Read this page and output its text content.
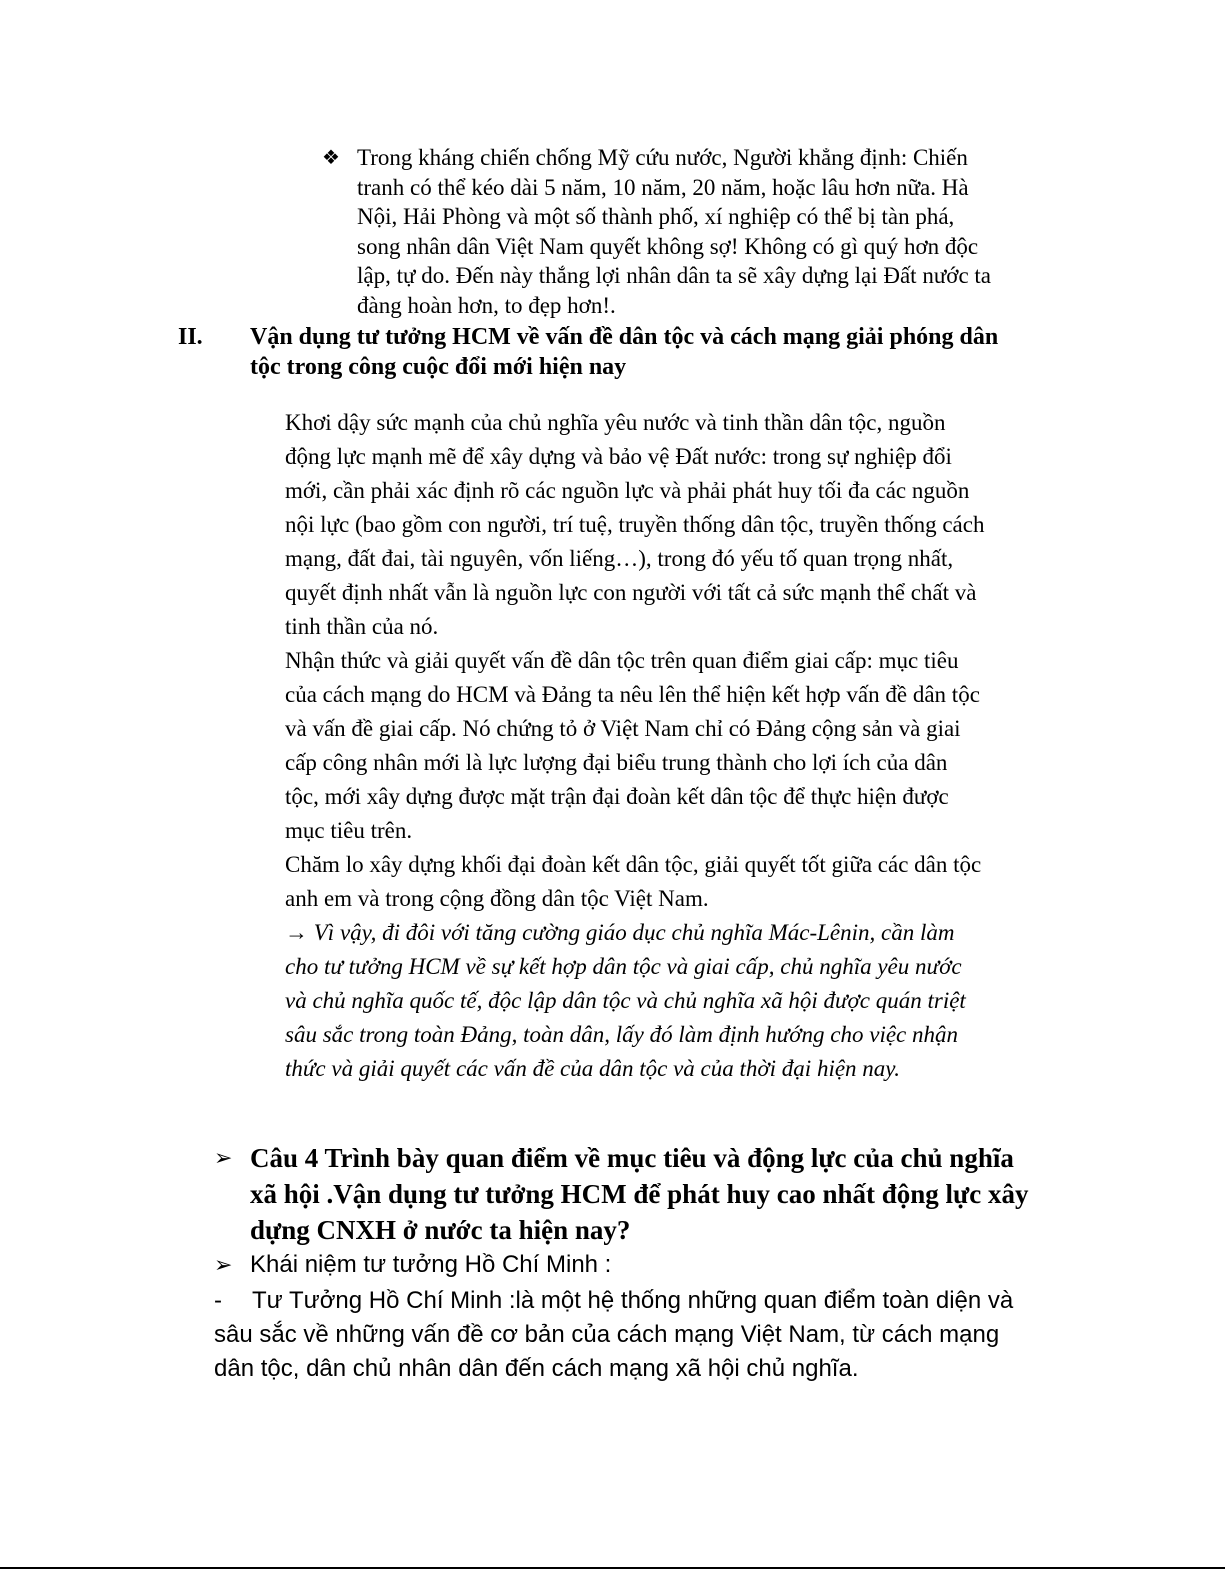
❖ Trong kháng chiến chống Mỹ cứu nước, Người khẳng định: Chiến
tranh có thể kéo dài 5 năm, 10 năm, 20 năm, hoặc lâu hơn nữa. Hà
Nội, Hải Phòng và một số thành phố, xí nghiệp có thể bị tàn phá,
song nhân dân Việt Nam quyết không sợ! Không có gì quý hơn độc
lập, tự do. Đến này thắng lợi nhân dân ta sẽ xây dựng lại Đất nước ta
đàng hoàn hơn, to đẹp hơn!.
II. Vận dụng tư tưởng HCM về vấn đề dân tộc và cách mạng giải phóng dân
tộc trong công cuộc đổi mới hiện nay
Khơi dậy sức mạnh của chủ nghĩa yêu nước và tinh thần dân tộc, nguồn
động lực mạnh mẽ để xây dựng và bảo vệ Đất nước: trong sự nghiệp đổi
mới, cần phải xác định rõ các nguồn lực và phải phát huy tối đa các nguồn
nội lực (bao gồm con người, trí tuệ, truyền thống dân tộc, truyền thống cách
mạng, đất đai, tài nguyên, vốn liếng…), trong đó yếu tố quan trọng nhất,
quyết định nhất vẫn là nguồn lực con người với tất cả sức mạnh thể chất và
tinh thần của nó.
Nhận thức và giải quyết vấn đề dân tộc trên quan điểm giai cấp: mục tiêu
của cách mạng do HCM và Đảng ta nêu lên thể hiện kết hợp vấn đề dân tộc
và vấn đề giai cấp. Nó chứng tỏ ở Việt Nam chỉ có Đảng cộng sản và giai
cấp công nhân mới là lực lượng đại biểu trung thành cho lợi ích của dân
tộc, mới xây dựng được mặt trận đại đoàn kết dân tộc để thực hiện được
mục tiêu trên.
Chăm lo xây dựng khối đại đoàn kết dân tộc, giải quyết tốt giữa các dân tộc
anh em và trong cộng đồng dân tộc Việt Nam.
→ Vì vậy, đi đôi với tăng cường giáo dục chủ nghĩa Mác-Lênin, cần làm
cho tư tưởng HCM về sự kết hợp dân tộc và giai cấp, chủ nghĩa yêu nước
và chủ nghĩa quốc tế, độc lập dân tộc và chủ nghĩa xã hội được quán triệt
sâu sắc trong toàn Đảng, toàn dân, lấy đó làm định hướng cho việc nhận
thức và giải quyết các vấn đề của dân tộc và của thời đại hiện nay.
➢ Câu 4 Trình bày quan điểm về mục tiêu và động lực của chủ nghĩa
xã hội .Vận dụng tư tưởng HCM để phát huy cao nhất động lực xây
dựng CNXH ở nước ta hiện nay?
➢ Khái niệm tư tưởng Hồ Chí Minh :
- Tư Tưởng Hồ Chí Minh :là một hệ thống những quan điểm toàn diện và
sâu sắc về những vấn đề cơ bản của cách mạng Việt Nam, từ cách mạng
dân tộc, dân chủ nhân dân đến cách mạng xã hội chủ nghĩa.
